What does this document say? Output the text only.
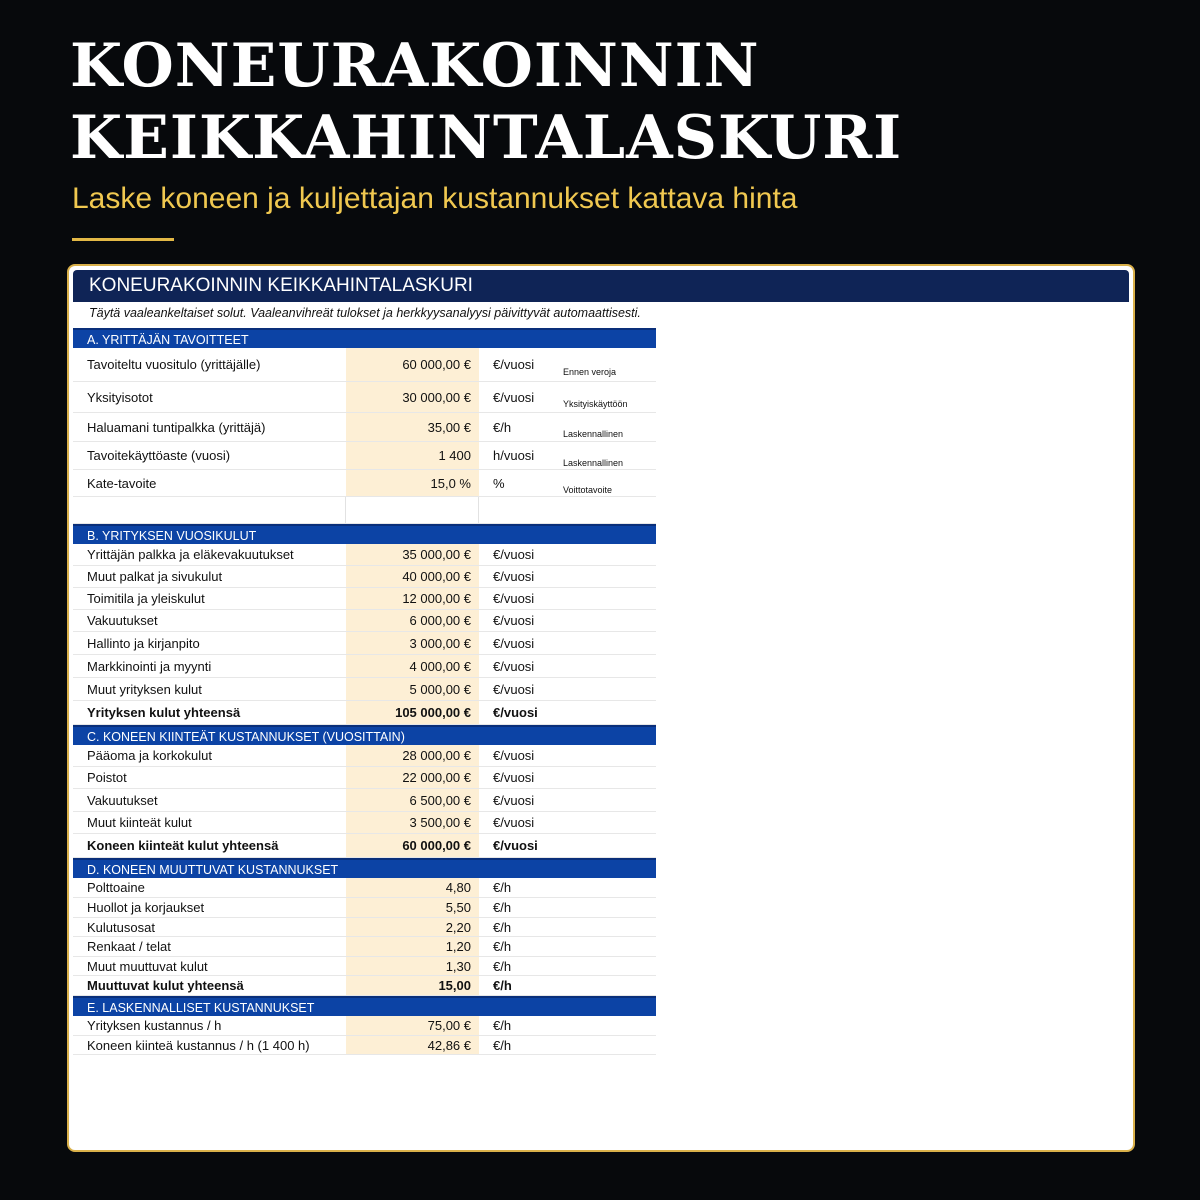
KONEURAKOINNIN
KEIKKAHINTALASKURI
Laske koneen ja kuljettajan kustannukset kattava hinta
KONEURAKOINNIN KEIKKAHINTALASKURI
Täytä vaaleankeltaiset solut. Vaaleanvihreät tulokset ja herkkyysanalyysi päivittyvät automaattisesti.
A. YRITTÄJÄN TAVOITTEET
Tavoiteltu vuositulo (yrittäjälle)	60 000,00 €	€/vuosi	Ennen veroja
Yksityisotot	30 000,00 €	€/vuosi	Yksityiskäyttöön
Haluamani tuntipalkka (yrittäjä)	35,00 €	€/h	Laskennallinen
Tavoitekäyttöaste (vuosi)	1 400	h/vuosi	Laskennallinen
Kate-tavoite	15,0 %	%	Voittotavoite
B. YRITYKSEN VUOSIKULUT
Yrittäjän palkka ja eläkevakuutukset	35 000,00 €	€/vuosi
Muut palkat ja sivukulut	40 000,00 €	€/vuosi
Toimitila ja yleiskulut	12 000,00 €	€/vuosi
Vakuutukset	6 000,00 €	€/vuosi
Hallinto ja kirjanpito	3 000,00 €	€/vuosi
Markkinointi ja myynti	4 000,00 €	€/vuosi
Muut yrityksen kulut	5 000,00 €	€/vuosi
Yrityksen kulut yhteensä	105 000,00 €	€/vuosi
C. KONEEN KIINTEÄT KUSTANNUKSET (VUOSITTAIN)
Pääoma ja korkokulut	28 000,00 €	€/vuosi
Poistot	22 000,00 €	€/vuosi
Vakuutukset	6 500,00 €	€/vuosi
Muut kiinteät kulut	3 500,00 €	€/vuosi
Koneen kiinteät kulut yhteensä	60 000,00 €	€/vuosi
D. KONEEN MUUTTUVAT KUSTANNUKSET
Polttoaine	4,80	€/h
Huollot ja korjaukset	5,50	€/h
Kulutusosat	2,20	€/h
Renkaat / telat	1,20	€/h
Muut muuttuvat kulut	1,30	€/h
Muuttuvat kulut yhteensä	15,00	€/h
E. LASKENNALLISET KUSTANNUKSET
Yrityksen kustannus / h	75,00 €	€/h
Koneen kiinteä kustannus / h (1 400 h)	42,86 €	€/h
